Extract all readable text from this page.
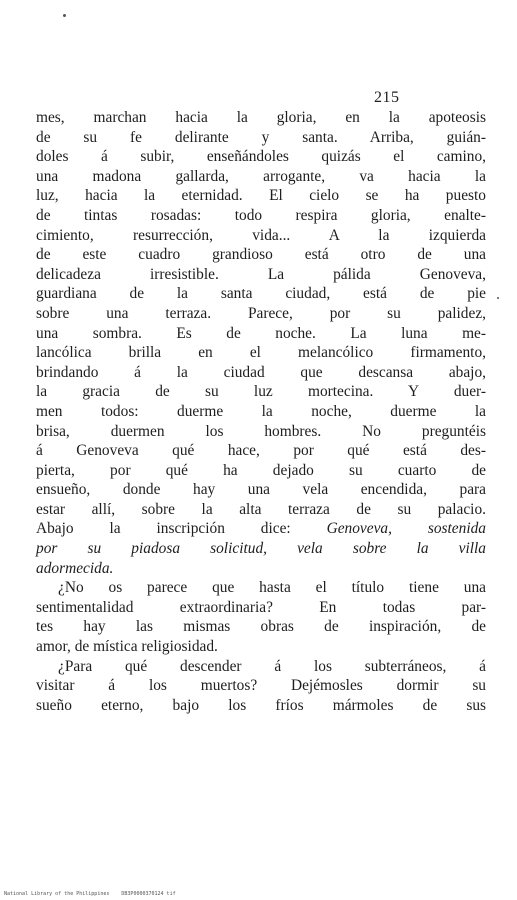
215
mes, marchan hacia la gloria, en la apoteosis
de su fe delirante y santa. Arriba, guián-
doles á subir, enseñándoles quizás el camino,
una madona gallarda, arrogante, va hacia la
luz, hacia la eternidad. El cielo se ha puesto
de tintas rosadas: todo respira gloria, enalte-
cimiento, resurrección, vida... A la izquierda
de este cuadro grandioso está otro de una
delicadeza irresistible. La pálida Genoveva,
guardiana de la santa ciudad, está de pie
sobre una terraza. Parece, por su palidez,
una sombra. Es de noche. La luna me-
lancólica brilla en el melancólico firmamento,
brindando á la ciudad que descansa abajo,
la gracia de su luz mortecina. Y duer-
men todos: duerme la noche, duerme la
brisa, duermen los hombres. No preguntéis
á Genoveva qué hace, por qué está des-
pierta, por qué ha dejado su cuarto de
ensueño, donde hay una vela encendida, para
estar allí, sobre la alta terraza de su palacio.
Abajo la inscripción dice: Genoveva, sostenida
por su piadosa solicitud, vela sobre la villa
adormecida.
¿No os parece que hasta el título tiene una
sentimentalidad extraordinaria? En todas par-
tes hay las mismas obras de inspiración, de
amor, de mística religiosidad.
¿Para qué descender á los subterráneos, á
visitar á los muertos? Dejémosles dormir su
sueño eterno, bajo los fríos mármoles de sus
National Library of the Philippines DB3P0000370124 tif
